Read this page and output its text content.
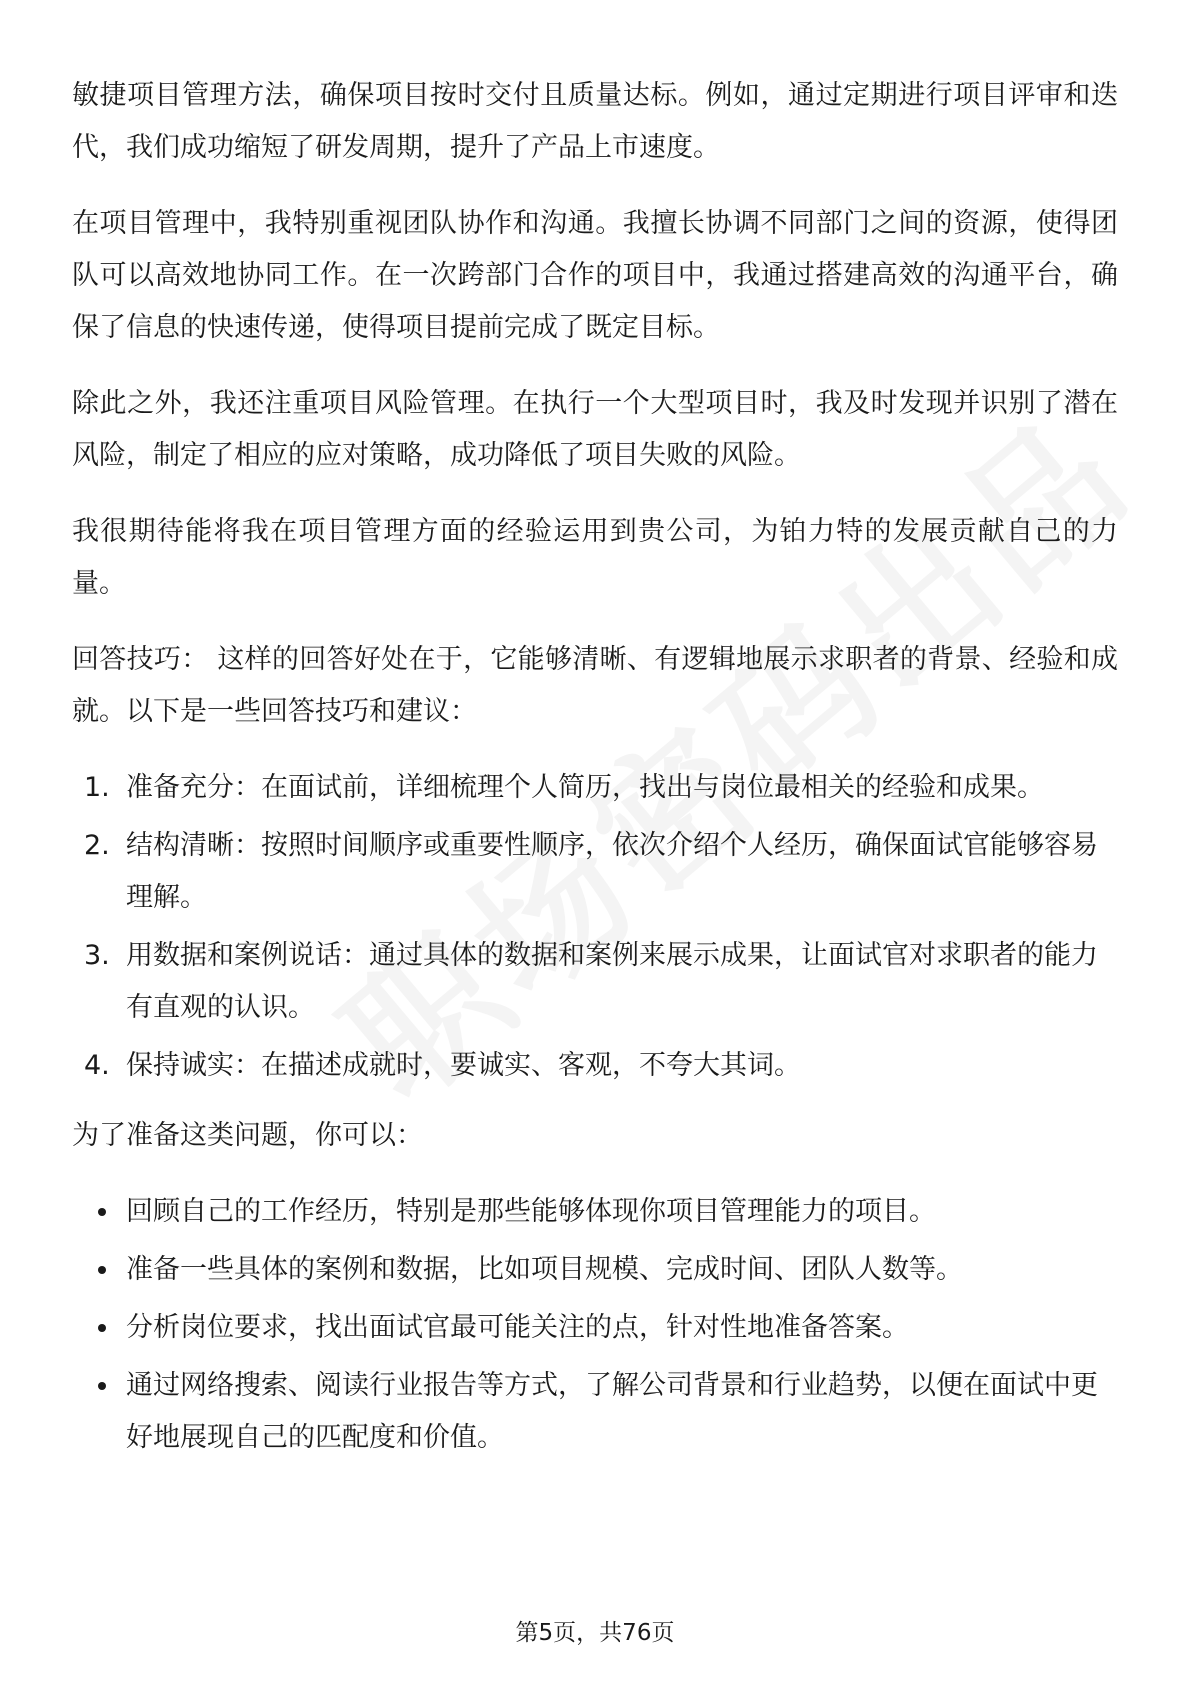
敏捷项目管理方法，确保项目按时交付且质量达标。例如，通过定期进行项目评审和迭代，我们成功缩短了研发周期，提升了产品上市速度。

在项目管理中，我特别重视团队协作和沟通。我擅长协调不同部门之间的资源，使得团队可以高效地协同工作。在一次跨部门合作的项目中，我通过搭建高效的沟通平台，确保了信息的快速传递，使得项目提前完成了既定目标。

除此之外，我还注重项目风险管理。在执行一个大型项目时，我及时发现并识别了潜在风险，制定了相应的应对策略，成功降低了项目失败的风险。

我很期待能将我在项目管理方面的经验运用到贵公司，为铂力特的发展贡献自己的力量。

回答技巧： 这样的回答好处在于，它能够清晰、有逻辑地展示求职者的背景、经验和成就。以下是一些回答技巧和建议：

1. 准备充分：在面试前，详细梳理个人简历，找出与岗位最相关的经验和成果。
2. 结构清晰：按照时间顺序或重要性顺序，依次介绍个人经历，确保面试官能够容易理解。
3. 用数据和案例说话：通过具体的数据和案例来展示成果，让面试官对求职者的能力有直观的认识。
4. 保持诚实：在描述成就时，要诚实、客观，不夸大其词。

为了准备这类问题，你可以：

回顾自己的工作经历，特别是那些能够体现你项目管理能力的项目。
准备一些具体的案例和数据，比如项目规模、完成时间、团队人数等。
分析岗位要求，找出面试官最可能关注的点，针对性地准备答案。
通过网络搜索、阅读行业报告等方式，了解公司背景和行业趋势，以便在面试中更好地展现自己的匹配度和价值。
第5页，共76页
